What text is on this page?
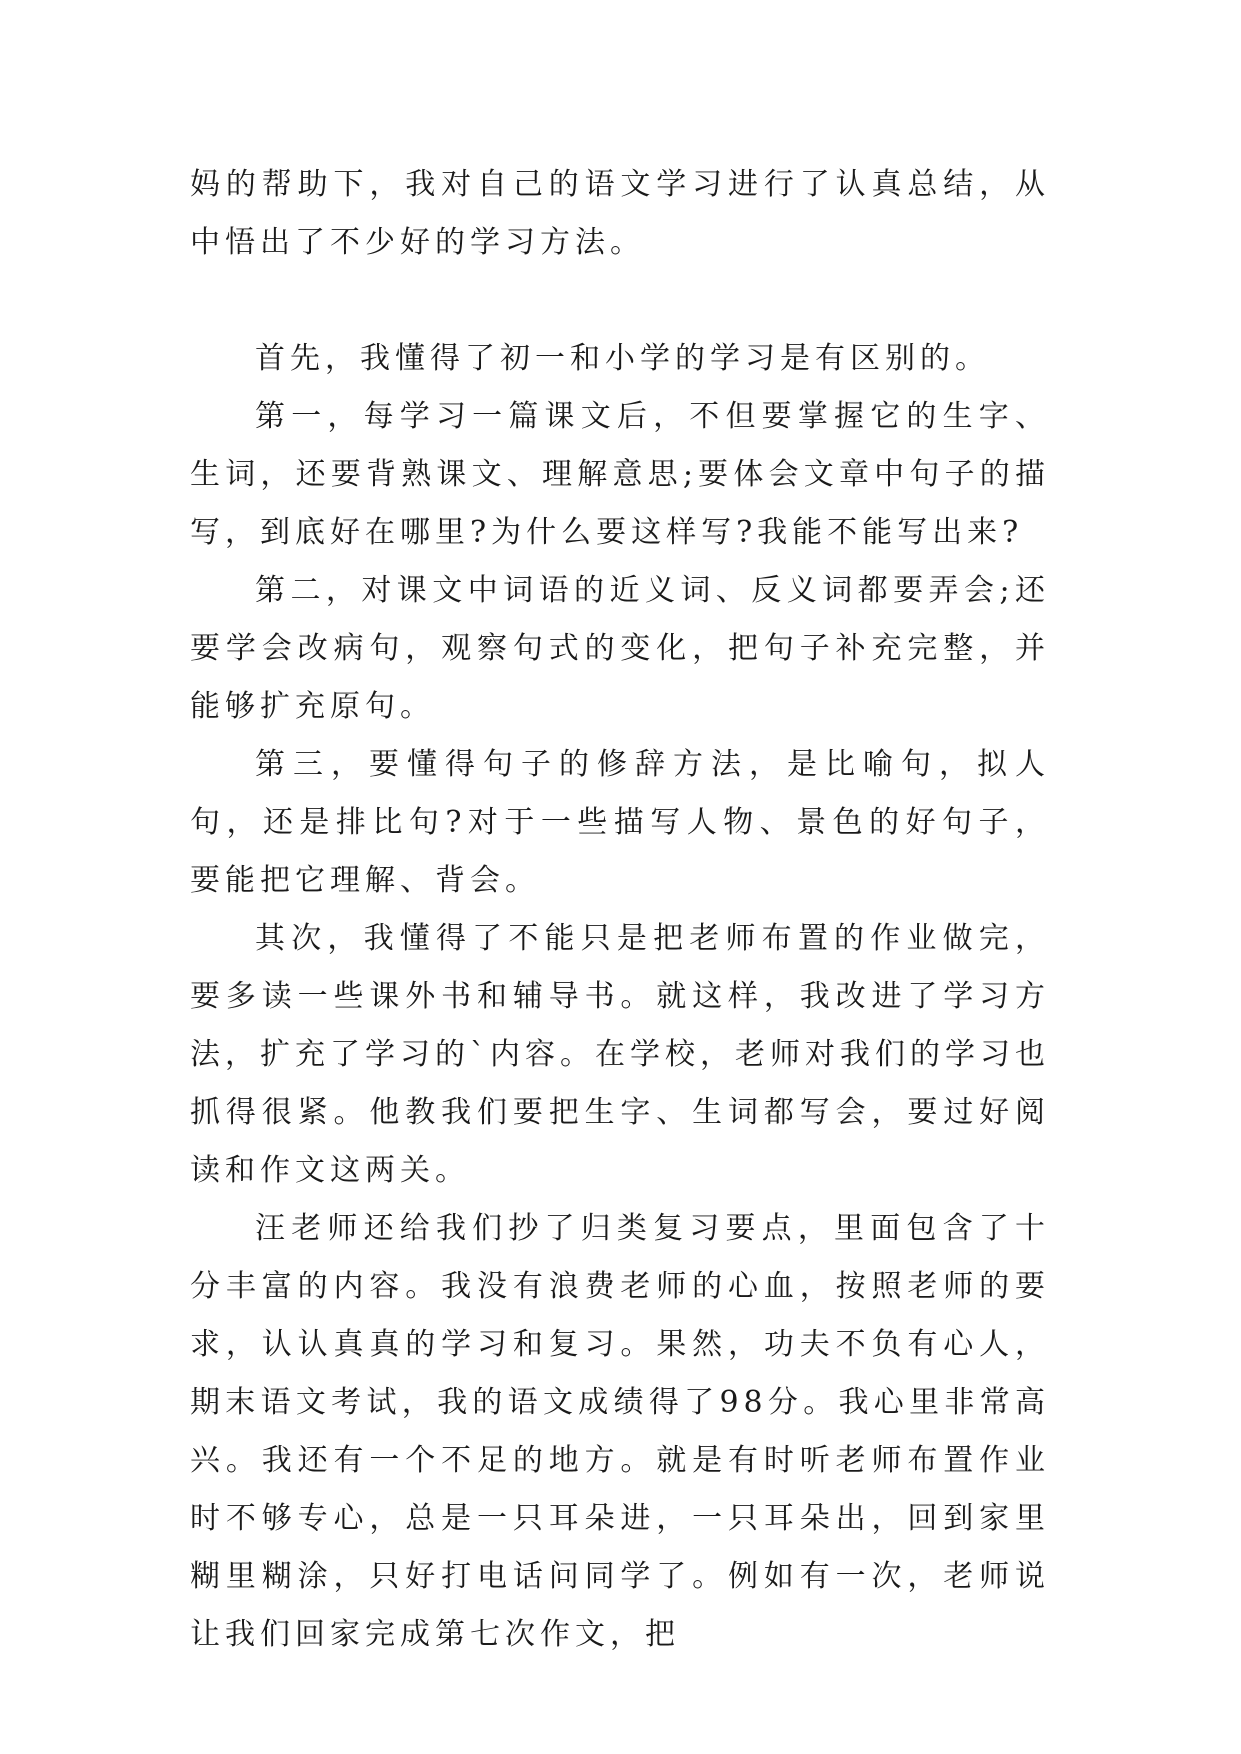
妈的帮助下，我对自己的语文学习进行了认真总结，从中悟出了不少好的学习方法。

首先，我懂得了初一和小学的学习是有区别的。

第一，每学习一篇课文后，不但要掌握它的生字、生词，还要背熟课文、理解意思;要体会文章中句子的描写，到底好在哪里?为什么要这样写?我能不能写出来?

第二，对课文中词语的近义词、反义词都要弄会;还要学会改病句，观察句式的变化，把句子补充完整，并能够扩充原句。

第三，要懂得句子的修辞方法，是比喻句，拟人句，还是排比句?对于一些描写人物、景色的好句子，要能把它理解、背会。

其次，我懂得了不能只是把老师布置的作业做完，要多读一些课外书和辅导书。就这样，我改进了学习方法，扩充了学习的`内容。在学校，老师对我们的学习也抓得很紧。他教我们要把生字、生词都写会，要过好阅读和作文这两关。

汪老师还给我们抄了归类复习要点，里面包含了十分丰富的内容。我没有浪费老师的心血，按照老师的要求，认认真真的学习和复习。果然，功夫不负有心人，期末语文考试，我的语文成绩得了98分。我心里非常高兴。我还有一个不足的地方。就是有时听老师布置作业时不够专心，总是一只耳朵进，一只耳朵出，回到家里糊里糊涂，只好打电话问同学了。例如有一次，老师说让我们回家完成第七次作文，把
